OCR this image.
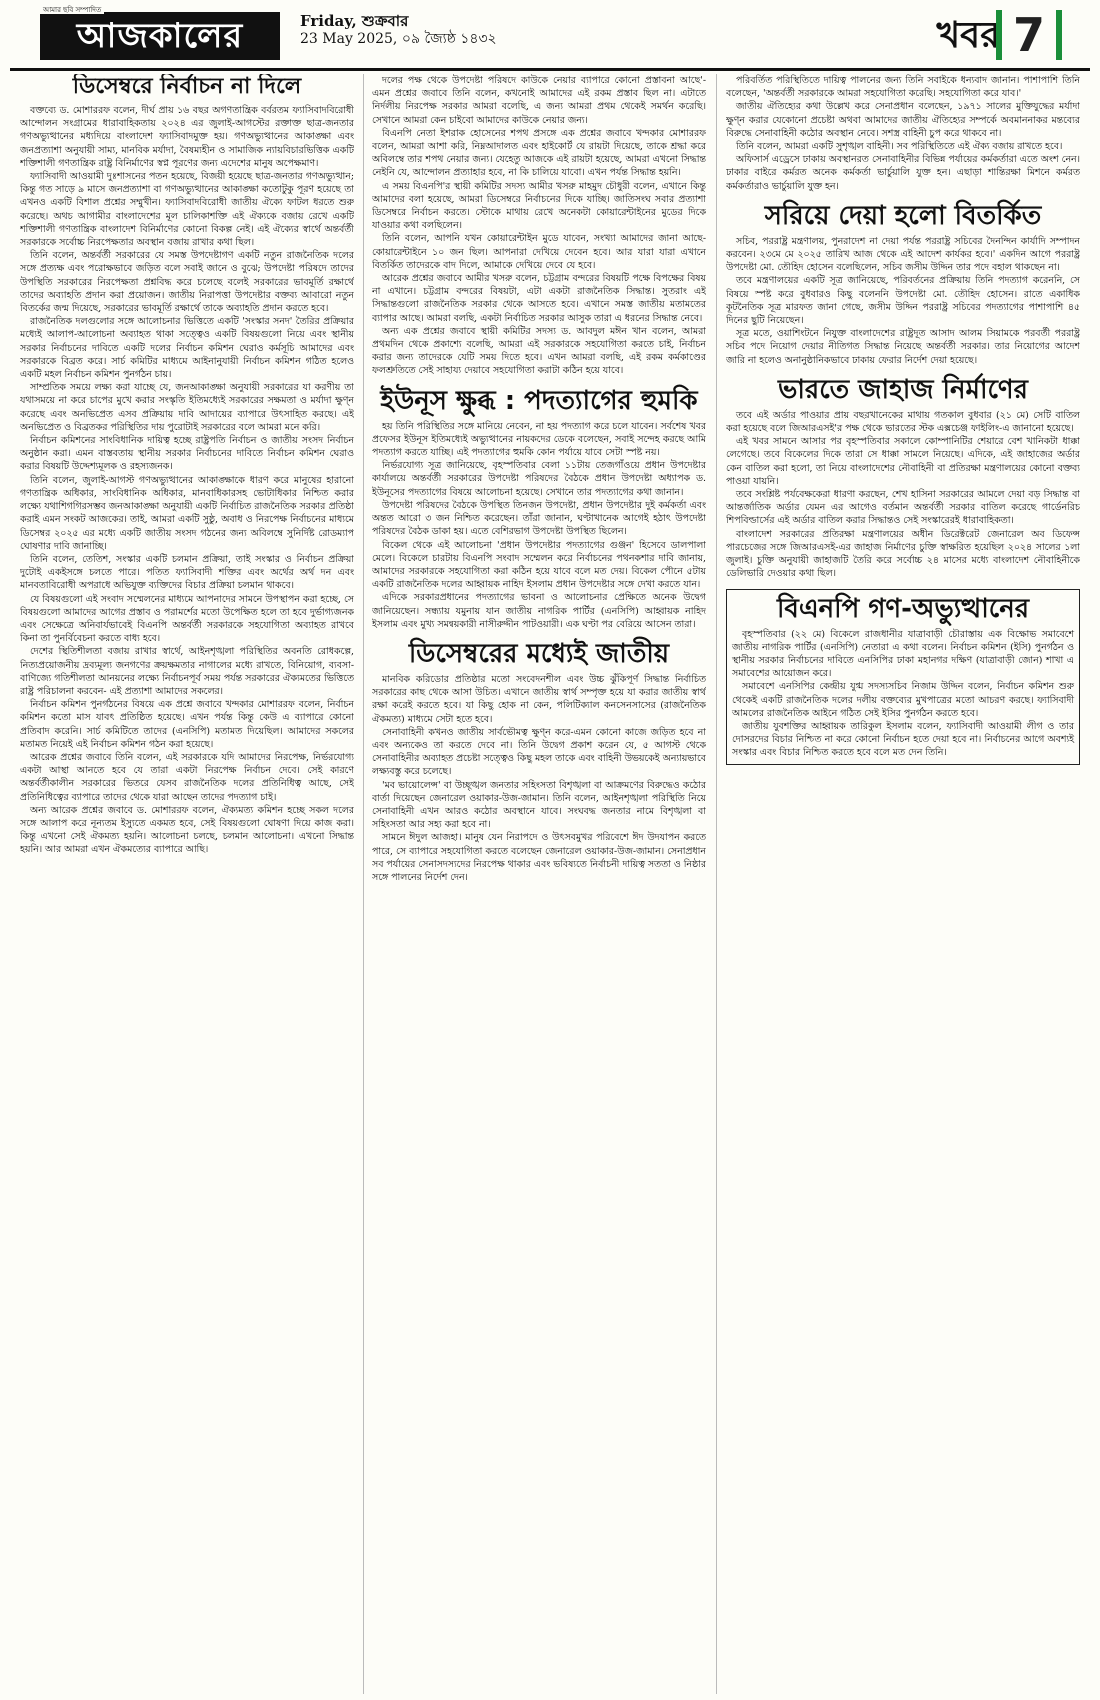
আমার ছবি সম্পাদিত
আজকালের	Friday, শুক্রবার
23 May 2025, ০৯ জ্যৈষ্ঠ ১৪৩২	খবর 7
ডিসেম্বরে নির্বাচন না দিলে

বক্তব্যে ড. মোশাররফ বলেন, দীর্ঘ প্রায় ১৬ বছর অগণতান্ত্রিক বর্বরতম ফ্যাসিবাদবিরোধী আন্দোলন সংগ্রামের ধারাবাহিকতায় ২০২৪ এর জুলাই-আগস্টের রক্তাক্ত ছাত্র-জনতার গণঅভ্যুত্থানের মধ্যদিয়ে বাংলাদেশ ফ্যাসিবাদমুক্ত হয়। গণঅভ্যুত্থানের আকাঙ্ক্ষা এবং জনপ্রত্যাশা অনুযায়ী সাম্য, মানবিক মর্যাদা, বৈষম্যহীন ও সামাজিক ন্যায়বিচারভিত্তিক একটি শক্তিশালী গণতান্ত্রিক রাষ্ট্র বিনির্মাণের স্বপ্ন পূরণের জন্য এদেশের মানুষ অপেক্ষমাণ।

ফ্যাসিবাদী আওয়ামী দুঃশাসনের পতন হয়েছে, বিজয়ী হয়েছে ছাত্র-জনতার গণঅভ্যুত্থান; কিন্তু গত সাড়ে ৯ মাসে জনপ্রত্যাশা বা গণঅভ্যুত্থানের আকাঙ্ক্ষা কতোটুকু পূরণ হয়েছে তা এখনও একটি বিশাল প্রশ্নের সম্মুখীন। ফ্যাসিবাদবিরোধী জাতীয় ঐক্যে ফাটল ধরতে শুরু করেছে। অথচ আগামীর বাংলাদেশের মূল চালিকাশক্তি এই ঐক্যকে বজায় রেখে একটি শক্তিশালী গণতান্ত্রিক বাংলাদেশ বিনির্মাণের কোনো বিকল্প নেই। এই ঐক্যের স্বার্থে অন্তর্বর্তী সরকারকে সর্বোচ্চ নিরপেক্ষতার অবস্থান বজায় রাখার কথা ছিল।

তিনি বলেন, অন্তর্বর্তী সরকারের যে সমস্ত উপদেষ্টাগণ একটি নতুন রাজনৈতিক দলের সঙ্গে প্রত্যক্ষ এবং পরোক্ষভাবে জড়িত বলে সবাই জানে ও বুঝে; উপদেষ্টা পরিষদে তাদের উপস্থিতি সরকারের নিরপেক্ষতা প্রশ্নবিদ্ধ করে চলেছে বলেই সরকারের ভাবমূর্তি রক্ষার্থে তাদের অব্যাহতি প্রদান করা প্রয়োজন। জাতীয় নিরাপত্তা উপদেষ্টার বক্তব্য আবারো নতুন বিতর্কের জন্ম দিয়েছে, সরকারের ভাবমূর্তি রক্ষার্থে তাকে অব্যাহতি প্রদান করতে হবে।

রাজনৈতিক দলগুলোর সঙ্গে আলোচনার ভিত্তিতে একটি 'সংস্কার সনদ' তৈরির প্রক্রিয়ার মধ্যেই আলাপ-আলোচনা অব্যাহত থাকা সত্ত্বেও একটি বিষয়গুলো নিয়ে এবং স্থানীয় সরকার নির্বাচনের দাবিতে একটি দলের নির্বাচন কমিশন ঘেরাও কর্মসূচি আমাদের এবং সরকারকে বিব্রত করে। সার্চ কমিটির মাধ্যমে আইনানুযায়ী নির্বাচন কমিশন গঠিত হলেও একটি মহল নির্বাচন কমিশন পুনর্গঠন চায়।

সাম্প্রতিক সময়ে লক্ষ্য করা যাচ্ছে যে, জনআকাঙ্ক্ষা অনুযায়ী সরকারের যা করণীয় তা যথাসময়ে না করে চাপের মুখে করার সংস্কৃতি ইতিমধ্যেই সরকারের সক্ষমতা ও মর্যাদা ক্ষুণ্ন করেছে এবং অনভিপ্রেত এসব প্রক্রিয়ায় দাবি আদায়ের ব্যাপারে উৎসাহিত করছে। এই অনভিপ্রেত ও বিব্রতকর পরিস্থিতির দায় পুরোটাই সরকারের বলে আমরা মনে করি।

নির্বাচন কমিশনের সাংবিধানিক দায়িত্ব হচ্ছে রাষ্ট্রপতি নির্বাচন ও জাতীয় সংসদ নির্বাচন অনুষ্ঠান করা। এমন বাস্তবতায় স্থানীয় সরকার নির্বাচনের দাবিতে নির্বাচন কমিশন ঘেরাও করার বিষয়টি উদ্দেশ্যমূলক ও রহস্যজনক।

তিনি বলেন, জুলাই-আগস্ট গণঅভ্যুত্থানের আকাঙ্ক্ষাকে ধারণ করে মানুষের হারানো গণতান্ত্রিক অধিকার, সাংবিধানিক অধিকার, মানবাধিকারসহ ভোটাধিকার নিশ্চিত করার লক্ষ্যে যথাশিগগিরসম্ভব জনআকাঙ্ক্ষা অনুযায়ী একটি নির্বাচিত রাজনৈতিক সরকার প্রতিষ্ঠা করাই এমন সংকট আজকের। তাই, আমরা একটি সুষ্ঠু, অবাধ ও নিরপেক্ষ নির্বাচনের মাধ্যমে ডিসেম্বর ২০২৫ এর মধ্যে একটি জাতীয় সংসদ গঠনের জন্য অবিলম্বে সুনির্দিষ্ট রোডম্যাপ ঘোষণার দাবি জানাচ্ছি।

তিনি বলেন, তেতিশ, সংস্কার একটি চলমান প্রক্রিয়া, তাই সংস্কার ও নির্বাচন প্রক্রিয়া দুটোই একইসঙ্গে চলতে পারে। পতিত ফ্যাসিবাদী শক্তির এবং অর্থের অর্থ দন এবং মানবতাবিরোধী অপরাধে অভিযুক্ত ব্যক্তিদের বিচার প্রক্রিয়া চলমান থাকবে।

যে বিষয়গুলো এই সংবাদ সম্মেলনের মাধ্যমে আপনাদের সামনে উপস্থাপন করা হচ্ছে, সে বিষয়গুলো আমাদের আগের প্রস্তাব ও পরামর্শের মতো উপেক্ষিত হলে তা হবে দুর্ভাগ্যজনক এবং সেক্ষেত্রে অনিবার্যভাবেই বিএনপি অন্তর্বর্তী সরকারকে সহযোগিতা অব্যাহত রাখবে কিনা তা পুনর্বিবেচনা করতে বাধ্য হবে।

দেশের স্থিতিশীলতা বজায় রাখার স্বার্থে, আইনশৃঙ্খলা পরিস্থিতির অবনতি রোধকল্পে, নিত্যপ্রয়োজনীয় দ্রব্যমূল্য জনগণের ক্রয়ক্ষমতার নাগালের মধ্যে রাখতে, বিনিয়োগ, ব্যবসা-বাণিজ্যে গতিশীলতা আনয়নের লক্ষ্যে নির্বাচনপূর্ব সময় পর্যন্ত সরকারের ঐক্যমতের ভিত্তিতে রাষ্ট্র পরিচালনা করবেন- এই প্রত্যাশা আমাদের সকলের।

নির্বাচন কমিশন পুনর্গঠনের বিষয়ে এক প্রশ্নে জবাবে খন্দকার মোশাররফ বলেন, নির্বাচন কমিশন কতো মাস যাবৎ প্রতিষ্ঠিত হয়েছে। এখন পর্যন্ত কিন্তু কেউ এ ব্যাপারে কোনো প্রতিবাদ করেনি। সার্চ কমিটিতে তাদের (এনসিপি) মতামত দিয়েছিল। আমাদের সকলের মতামত নিয়েই এই নির্বাচন কমিশন গঠন করা হয়েছে।

আরেক প্রশ্নের জবাবে তিনি বলেন, এই সরকারকে যদি আমাদের নিরপেক্ষ, নির্ভরযোগ্য একটা আস্থা আনতে হবে যে তারা একটা নিরপেক্ষ নির্বাচন দেবে। সেই কারণে অন্তর্বর্তীকালীন সরকারের ভিতরে যেসব রাজনৈতিক দলের প্রতিনিধিত্ব আছে, সেই প্রতিনিধিত্বের ব্যাপারে তাদের থেকে যারা আছেন তাদের পদত্যাগ চাই।

অন্য আরেক প্রশ্নের জবাবে ড. মোশাররফ বলেন, ঐক্যমত্য কমিশন হচ্ছে সকল দলের সঙ্গে আলাপ করে নূন্যতম ইস্যুতে একমত হবে, সেই বিষয়গুলো ঘোষণা দিয়ে কাজ করা। কিন্তু এখনো সেই ঐকমত্য হয়নি। আলোচনা চলছে, চলমান আলোচনা। এখনো সিদ্ধান্ত হয়নি। আর আমরা এখন ঐকমত্যের ব্যাপারে আছি।

দলের পক্ষ থেকে উপদেষ্টা পরিষদে কাউকে নেয়ার ব্যাপারে কোনো প্রস্তাবনা আছে'- এমন প্রশ্নের জবাবে তিনি বলেন, কখনোই আমাদের এই রকম প্রস্তাব ছিল না। এটাতে নির্দলীয় নিরপেক্ষ সরকার আমরা বলেছি, এ জন্য আমরা প্রথম থেকেই সমর্থন করেছি। সেখানে আমরা কেন চাইবো আমাদের কাউকে নেয়ার জন্য।

বিএনপি নেতা ইশরাক হোসেনের শপথ প্রসঙ্গে এক প্রশ্নের জবাবে খন্দকার মোশাররফ বলেন, আমরা আশা করি, নিম্নআদালত এবং হাইকোর্ট যে রায়টা দিয়েছে, তাকে শ্রদ্ধা করে অবিলম্বে তার শপথ নেয়ার জন্য। যেহেতু আজকে এই রায়টা হয়েছে, আমরা এখনো সিদ্ধান্ত নেইনি যে, আন্দোলন প্রত্যাহার হবে, না কি চালিয়ে যাবো। এখন পর্যন্ত সিদ্ধান্ত হয়নি।

এ সময় বিএনপি'র স্থায়ী কমিটির সদস্য আমীর খসরু মাহমুদ চৌধুরী বলেন, এখানে কিন্তু আমাদের বলা হয়েছে, আমরা ডিসেম্বরে নির্বাচনের দিকে যাচ্ছি। জাতিসংঘ সবার প্রত্যাশা ডিসেম্বরে নির্বাচন করতে। স্টোকে মাথায় রেখে অনেকটা কোয়ারেন্টাইনের মুডের দিকে যাওয়ার কথা বলছিলেন।

তিনি বলেন, আপনি যখন কোয়ারেন্টাইন মুডে যাবেন, সংখ্যা আমাদের জানা আছে- কোয়ারেন্টাইনে ১০ জন ছিল। আপনারা দেখিয়ে দেবেন হবে। আর যারা যারা এখানে বিতর্কিত তাদেরকে বাদ দিলে, আমাকে দেখিয়ে দেবে যে হবে।

আরেক প্রশ্নের জবাবে আমীর খসরু বলেন, চট্টগ্রাম বন্দরের বিষয়টি পক্ষে বিপক্ষের বিষয় না এখানে। চট্টগ্রাম বন্দরের বিষয়টা, এটা একটা রাজনৈতিক সিদ্ধান্ত। সুতরাং এই সিদ্ধান্তগুলো রাজনৈতিক সরকার থেকে আসতে হবে। এখানে সমস্ত জাতীয় মতামতের ব্যাপার আছে। আমরা বলছি, একটা নির্বাচিত সরকার আসুক তারা এ ধরনের সিদ্ধান্ত নেবে।

অন্য এক প্রশ্নের জবাবে স্থায়ী কমিটির সদস্য ড. আবদুল মঈন খান বলেন, আমরা প্রথমদিন থেকে প্রকাশ্যে বলেছি, আমরা এই সরকারকে সহযোগিতা করতে চাই, নির্বাচন করার জন্য তাদেরকে যেটি সময় দিতে হবে। এখন আমরা বলছি, এই রকম কর্মকাণ্ডের ফলশ্রুতিতে সেই সাহায্য দেয়াবে সহযোগিতা করাটা কঠিন হয়ে যাবে।

ইউনূস ক্ষুব্ধ : পদত্যাগের হুমকি

হয় তিনি পরিস্থিতির সঙ্গে মানিয়ে নেবেন, না হয় পদত্যাগ করে চলে যাবেন। সর্বশেষ খবর প্রফেসর ইউনূস ইতিমধ্যেই অভ্যুত্থানের নায়কদের ডেকে বলেছেন, সবাই সন্দেহ করছে আমি পদত্যাগ করতে যাচ্ছি। এই পদত্যাগের হুমকি কোন পর্যায়ে যাবে সেটা স্পষ্ট নয়।

নির্ভরযোগ্য সূত্র জানিয়েছে, বৃহস্পতিবার বেলা ১১টায় তেজগাঁওয়ে প্রধান উপদেষ্টার কার্যালয়ে অন্তর্বর্তী সরকারের উপদেষ্টা পরিষদের বৈঠকে প্রধান উপদেষ্টা অধ্যাপক ড. ইউনূসের পদত্যাগের বিষয়ে আলোচনা হয়েছে। সেখানে তার পদত্যাগের কথা জানান।

উপদেষ্টা পরিষদের বৈঠকে উপস্থিত তিনজন উপদেষ্টা, প্রধান উপদেষ্টার দুই কর্মকর্তা এবং অন্তত আরো ৩ জন নিশ্চিত করেছেন। তাঁরা জানান, ঘণ্টাখানেক আগেই হঠাৎ উপদেষ্টা পরিষদের বৈঠক ডাকা হয়। এতে বেশিরভাগ উপদেষ্টা উপস্থিত ছিলেন।

বিকেল থেকে এই আলোচনা 'প্রধান উপদেষ্টার পদত্যাগের গুঞ্জন' হিসেবে ডালপালা মেলে। বিকেলে চারটায় বিএনপি সংবাদ সম্মেলন করে নির্বাচনের পথনকশার দাবি জানায়, আমাদের সরকারকে সহযোগিতা করা কঠিন হয়ে যাবে বলে মত দেয়। বিকেল পৌনে ৫টায় একটি রাজনৈতিক দলের আহ্বায়ক নাহিদ ইসলাম প্রধান উপদেষ্টার সঙ্গে দেখা করতে যান।

এদিকে সরকারপ্রধানের পদত্যাগের ভাবনা ও আলোচনার প্রেক্ষিতে অনেক উদ্বেগ জানিয়েছেন। সন্ধ্যায় যমুনায় যান জাতীয় নাগরিক পার্টির (এনসিপি) আহ্বায়ক নাহিদ ইসলাম এবং মুখ্য সমন্বয়কারী নাসীরুদ্দীন পাটওয়ারী। এক ঘণ্টা পর বেরিয়ে আসেন তারা।

ডিসেম্বরের মধ্যেই জাতীয়

মানবিক করিডোর প্রতিষ্ঠার মতো সংবেদনশীল এবং উচ্চ ঝুঁকিপূর্ণ সিদ্ধান্ত নির্বাচিত সরকারের কাছ থেকে আসা উচিত। এখানে জাতীয় স্বার্থ সম্পৃক্ত হয়ে যা করার জাতীয় স্বার্থ রক্ষা করেই করতে হবে। যা কিছু হোক না কেন, পলিটিক্যাল কনসেনসাসের (রাজনৈতিক ঐকমত্য) মাধ্যমে সেটা হতে হবে।

সেনাবাহিনী কখনও জাতীয় সার্বভৌমত্ব ক্ষুণ্ন করে-এমন কোনো কাজে জড়িত হবে না এবং অন্যকেও তা করতে দেবে না। তিনি উদ্বেগ প্রকাশ করেন যে, ৫ আগস্ট থেকে সেনাবাহিনীর অব্যাহত প্রচেষ্টা সত্ত্বেও কিছু মহল তাকে এবং বাহিনী উভয়কেই অন্যায়ভাবে লক্ষ্যবস্তু করে চলেছে।

'মব ভায়োলেন্স' বা উচ্ছৃঙ্খল জনতার সহিংসতা বিশৃঙ্খলা বা আক্রমণের বিরুদ্ধেও কঠোর বার্তা দিয়েছেন জেনারেল ওয়াকার-উজ-জামান। তিনি বলেন, আইনশৃঙ্খলা পরিস্থিতি নিয়ে সেনাবাহিনী এখন আরও কঠোর অবস্থানে যাবে। সংঘবদ্ধ জনতার নামে বিশৃঙ্খলা বা সহিংসতা আর সহ্য করা হবে না।

সামনে ঈদুল আজহা। মানুষ যেন নিরাপদে ও উৎসবমুখর পরিবেশে ঈদ উদযাপন করতে পারে, সে ব্যাপারে সহযোগিতা করতে বলেছেন জেনারেল ওয়াকার-উজ-জামান। সেনাপ্রধান সব পর্যায়ের সেনাসদস্যদের নিরপেক্ষ থাকার এবং ভবিষ্যতে নির্বাচনী দায়িত্ব সততা ও নিষ্ঠার সঙ্গে পালনের নির্দেশ দেন।

পরিবর্তিত পরিস্থিতিতে দায়িত্ব পালনের জন্য তিনি সবাইকে ধন্যবাদ জানান। পাশাপাশি তিনি বলেছেন, 'অন্তর্বর্তী সরকারকে আমরা সহযোগিতা করেছি। সহযোগিতা করে যাব।'

জাতীয় ঐতিহ্যের কথা উল্লেখ করে সেনাপ্রধান বলেছেন, ১৯৭১ সালের মুক্তিযুদ্ধের মর্যাদা ক্ষুণ্ন করার যেকোনো প্রচেষ্টা অথবা আমাদের জাতীয় ঐতিহ্যের সম্পর্কে অবমাননাকর মন্তব্যের বিরুদ্ধে সেনাবাহিনী কঠোর অবস্থান নেবে। সশস্ত্র বাহিনী চুপ করে থাকবে না।

তিনি বলেন, আমরা একটি সুশৃঙ্খল বাহিনী। সব পরিস্থিতিতে এই ঐক্য বজায় রাখতে হবে।

অফিসার্স এড্রেসে ঢাকায় অবস্থানরত সেনাবাহিনীর বিভিন্ন পর্যায়ের কর্মকর্তারা এতে অংশ নেন। ঢাকার বাইরে কর্মরত অনেক কর্মকর্তা ভার্চুয়ালি যুক্ত হন। এছাড়া শান্তিরক্ষা মিশনে কর্মরত কর্মকর্তারাও ভার্চুয়ালি যুক্ত হন।

সরিয়ে দেয়া হলো বিতর্কিত

সচিব, পররাষ্ট্র মন্ত্রণালয়, পুনরাদেশ না দেয়া পর্যন্ত পররাষ্ট্র সচিবের দৈনন্দিন কার্যাদি সম্পাদন করবেন। ২৩মে মে ২০২৫ তারিখ আজ থেকে এই আদেশ কার্যকর হবে।' একদিন আগে পররাষ্ট্র উপদেষ্টা মো. তৌহিদ হোসেন বলেছিলেন, সচিব জসীম উদ্দিন তার পদে বহাল থাকছেন না।

তবে মন্ত্রণালয়ের একটি সূত্র জানিয়েছে, পরিবর্তনের প্রক্রিয়ায় তিনি পদত্যাগ করেননি, সে বিষয়ে স্পষ্ট করে বুধবারও কিছু বলেননি উপদেষ্টা মো. তৌহিদ হোসেন। রাতে একাধিক কূটনৈতিক সূত্র মারফত জানা গেছে, জসীম উদ্দিন পররাষ্ট্র সচিবের পদত্যাগের পাশাপাশি ৪৫ দিনের ছুটি নিয়েছেন।

সূত্র মতে, ওয়াশিংটনে নিযুক্ত বাংলাদেশের রাষ্ট্রদূত আসাদ আলম সিয়ামকে পরবর্তী পররাষ্ট্র সচিব পদে নিয়োগ দেয়ার নীতিগত সিদ্ধান্ত নিয়েছে অন্তর্বর্তী সরকার। তার নিয়োগের আদেশ জারি না হলেও অনানুষ্ঠানিকভাবে ঢাকায় ফেরার নির্দেশ দেয়া হয়েছে।

ভারতে জাহাজ নির্মাণের

তবে এই অর্ডার পাওয়ার প্রায় বছরখানেকের মাথায় গতকাল বুধবার (২১ মে) সেটি বাতিল করা হয়েছে বলে জিআরএসই'র পক্ষ থেকে ভারতের স্টক এক্সচেঞ্জ ফাইলিং-এ জানানো হয়েছে।

এই খবর সামনে আসার পর বৃহস্পতিবার সকালে কোম্পানিটির শেয়ারে বেশ খানিকটা ধাক্কা লেগেছে। তবে বিকেলের দিকে তারা সে ধাক্কা সামলে নিয়েছে। এদিকে, এই জাহাজের অর্ডার কেন বাতিল করা হলো, তা নিয়ে বাংলাদেশের নৌবাহিনী বা প্রতিরক্ষা মন্ত্রণালয়ের কোনো বক্তব্য পাওয়া যায়নি।

তবে সংশ্লিষ্ট পর্যবেক্ষকেরা ধারণা করছেন, শেখ হাসিনা সরকারের আমলে দেয়া বড় সিদ্ধান্ত বা আন্তর্জাতিক অর্ডার যেমন এর আগেও বর্তমান অন্তর্বর্তী সরকার বাতিল করেছে গার্ডেনরিচ শিপবিল্ডার্সের এই অর্ডার বাতিল করার সিদ্ধান্তও সেই সংস্কারেরই ধারাবাহিকতা।

বাংলাদেশ সরকারের প্রতিরক্ষা মন্ত্রণালয়ের অধীন ডিরেক্টরেট জেনারেল অব ডিফেন্স পারচেজের সঙ্গে জিআরএসই-এর জাহাজ নির্মাণের চুক্তি স্বাক্ষরিত হয়েছিল ২০২৪ সালের ১লা জুলাই। চুক্তি অনুযায়ী জাহাজটি তৈরি করে সর্বোচ্চ ২৪ মাসের মধ্যে বাংলাদেশ নৌবাহিনীকে ডেলিভারি দেওয়ার কথা ছিল।

বিএনপি গণ-অভ্যুত্থানের

বৃহস্পতিবার (২২ মে) বিকেলে রাজধানীর যাত্রাবাড়ী চৌরাস্তায় এক বিক্ষোভ সমাবেশে জাতীয় নাগরিক পার্টির (এনসিপি) নেতারা এ কথা বলেন। নির্বাচন কমিশন (ইসি) পুনর্গঠন ও স্থানীয় সরকার নির্বাচনের দাবিতে এনসিপির ঢাকা মহানগর দক্ষিণ (যাত্রাবাড়ী জোন) শাখা এ সমাবেশের আয়োজন করে।

সমাবেশে এনসিপির কেন্দ্রীয় যুগ্ম সদস্যসচিব নিজাম উদ্দিন বলেন, নির্বাচন কমিশন শুরু থেকেই একটি রাজনৈতিক দলের দলীয় বক্তব্যের মুখপাত্রের মতো আচরণ করছে। ফ্যাসিবাদী আমলের রাজনৈতিক আইনে গঠিত সেই ইসির পুনর্গঠন করতে হবে।

জাতীয় যুবশক্তির আহ্বায়ক তারিকুল ইসলাম বলেন, ফ্যাসিবাদী আওয়ামী লীগ ও তার দোসরদের বিচার নিশ্চিত না করে কোনো নির্বাচন হতে দেয়া হবে না। নির্বাচনের আগে অবশ্যই সংস্কার এবং বিচার নিশ্চিত করতে হবে বলে মত দেন তিনি।
